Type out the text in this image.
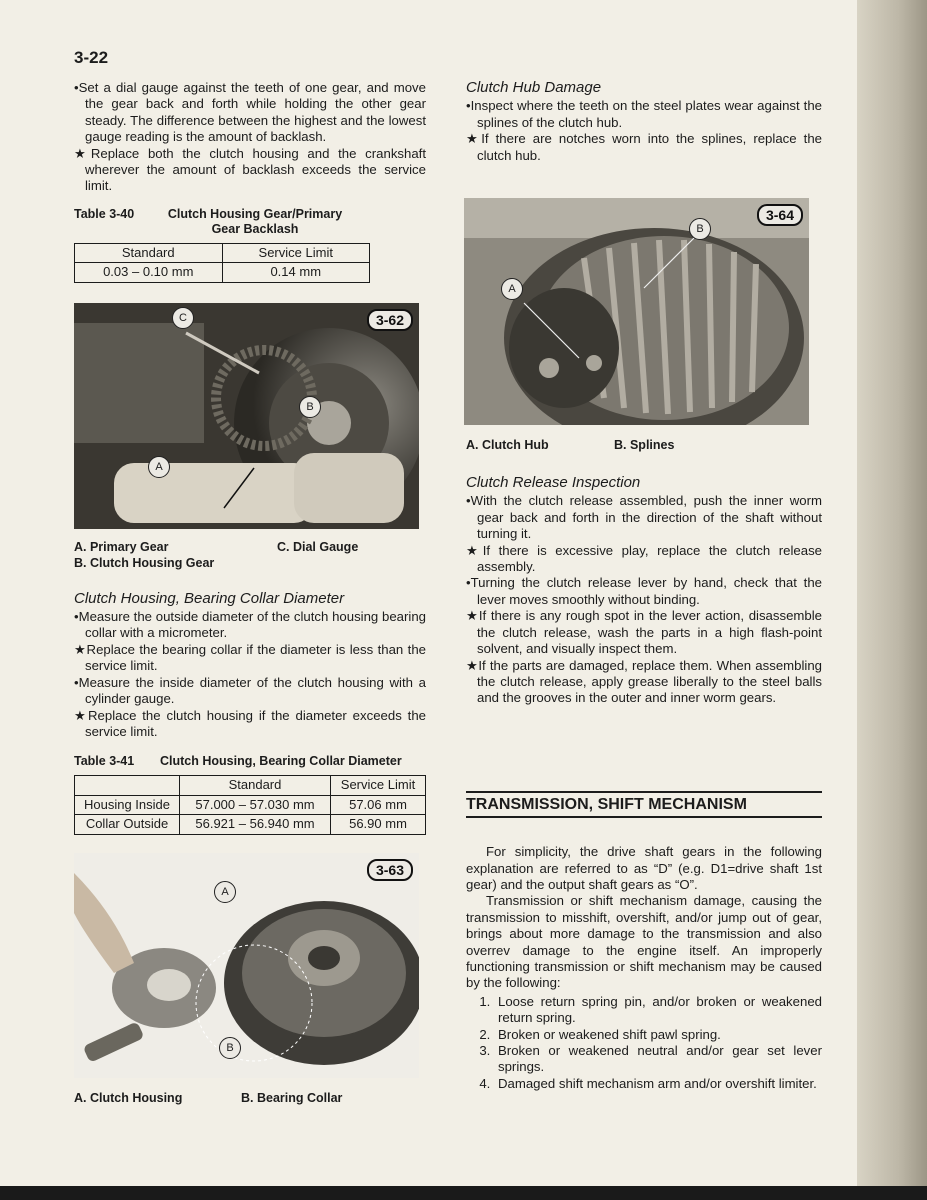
3-22

•Set a dial gauge against the teeth of one gear, and move the gear back and forth while holding the other gear steady. The difference between the highest and the lowest gauge reading is the amount of backlash.

★Replace both the clutch housing and the crankshaft wherever the amount of backlash exceeds the service limit.

Table 3-40	Clutch Housing Gear/Primary Gear Backlash
Standard	Service Limit
0.03 – 0.10 mm	0.14 mm
3-62
C
B
A
A. Primary Gear	C. Dial Gauge
B. Clutch Housing Gear

Clutch Housing, Bearing Collar Diameter

•Measure the outside diameter of the clutch housing bearing collar with a micrometer.

★Replace the bearing collar if the diameter is less than the service limit.

•Measure the inside diameter of the clutch housing with a cylinder gauge.

★Replace the clutch housing if the diameter exceeds the service limit.

Table 3-41	Clutch Housing, Bearing Collar Diameter
	Standard	Service Limit
Housing Inside	57.000 – 57.030 mm	57.06 mm
Collar Outside	56.921 – 56.940 mm	56.90 mm
3-63
A
B
A. Clutch Housing	B. Bearing Collar

Clutch Hub Damage

•Inspect where the teeth on the steel plates wear against the splines of the clutch hub.

★If there are notches worn into the splines, replace the clutch hub.

3-64
B
A
A. Clutch Hub	B. Splines

Clutch Release Inspection

•With the clutch release assembled, push the inner worm gear back and forth in the direction of the shaft without turning it.

★If there is excessive play, replace the clutch release assembly.

•Turning the clutch release lever by hand, check that the lever moves smoothly without binding.

★If there is any rough spot in the lever action, disassemble the clutch release, wash the parts in a high flash-point solvent, and visually inspect them.

★If the parts are damaged, replace them. When assembling the clutch release, apply grease liberally to the steel balls and the grooves in the outer and inner worm gears.

TRANSMISSION, SHIFT MECHANISM

For simplicity, the drive shaft gears in the following explanation are referred to as “D” (e.g. D1=drive shaft 1st gear) and the output shaft gears as “O”.

Transmission or shift mechanism damage, causing the transmission to misshift, overshift, and/or jump out of gear, brings about more damage to the transmission and also overrev damage to the engine itself. An improperly functioning transmission or shift mechanism may be caused by the following:

1. Loose return spring pin, and/or broken or weakened return spring.
2. Broken or weakened shift pawl spring.
3. Broken or weakened neutral and/or gear set lever springs.
4. Damaged shift mechanism arm and/or overshift limiter.
